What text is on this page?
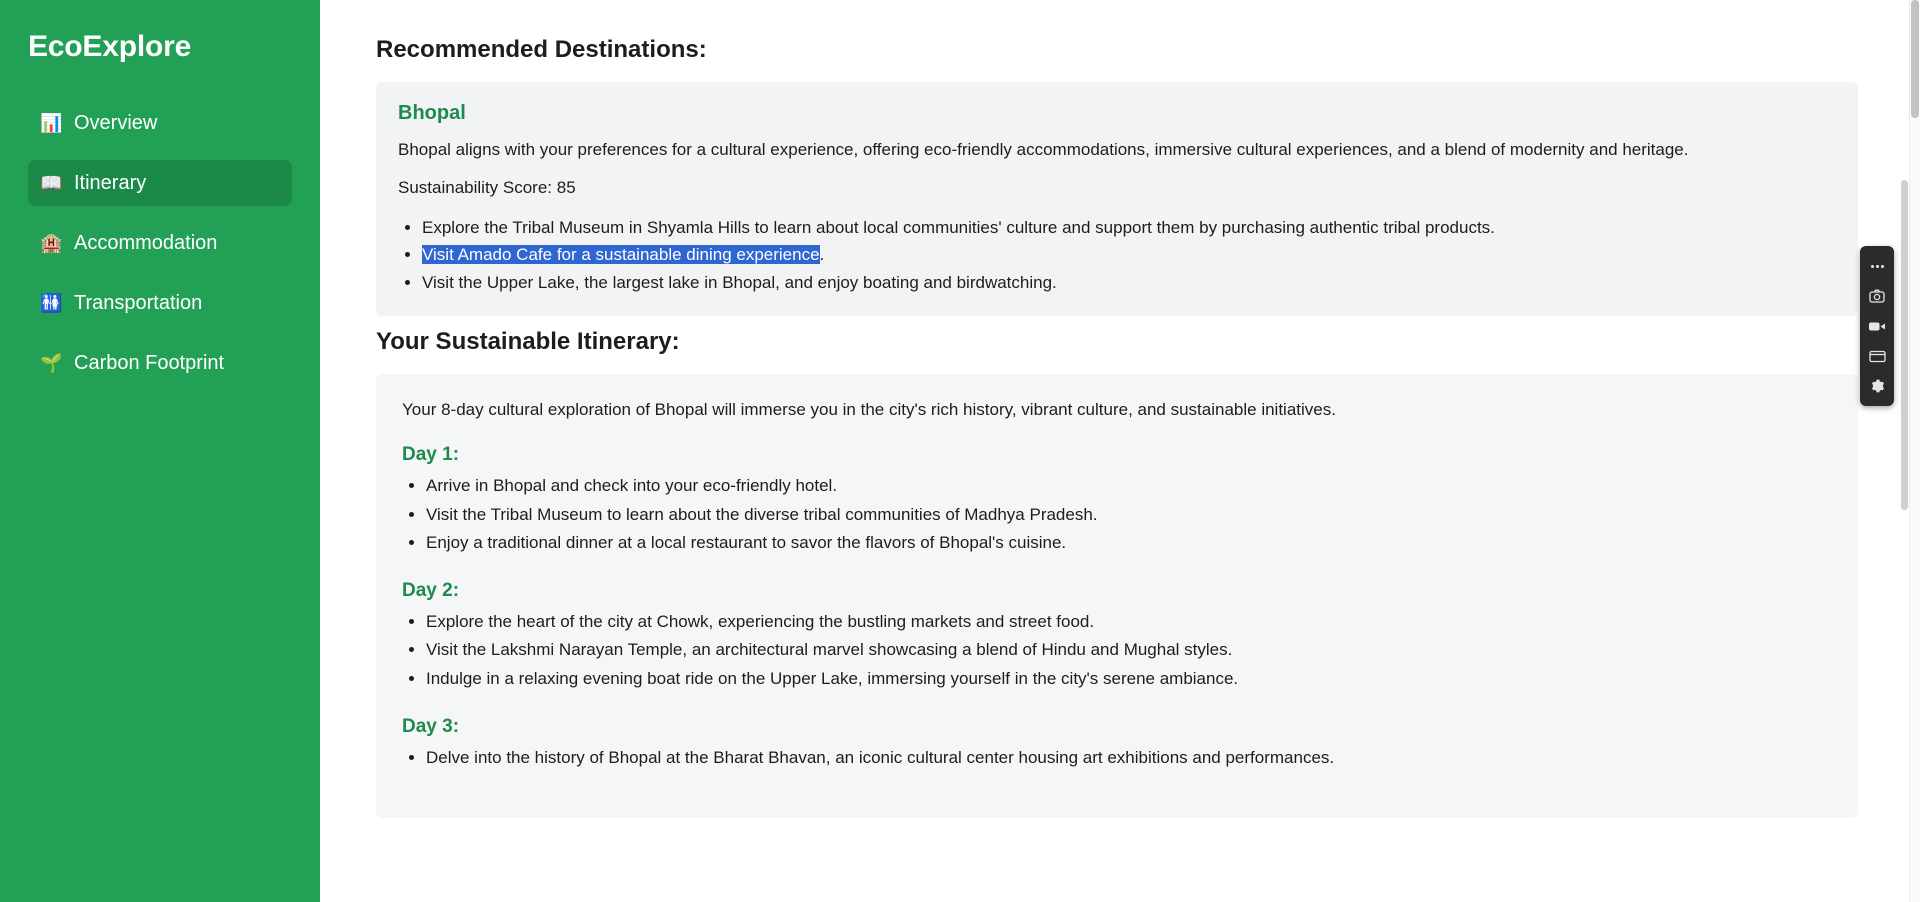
EcoExplore
📊 Overview
📖 Itinerary
🏨 Accommodation
🚻 Transportation
🌱 Carbon Footprint
Recommended Destinations:
Bhopal

Bhopal aligns with your preferences for a cultural experience, offering eco-friendly accommodations, immersive cultural experiences, and a blend of modernity and heritage.

Sustainability Score: 85

• Explore the Tribal Museum in Shyamla Hills to learn about local communities' culture and support them by purchasing authentic tribal products.
• Visit Amado Cafe for a sustainable dining experience.
• Visit the Upper Lake, the largest lake in Bhopal, and enjoy boating and birdwatching.
Your Sustainable Itinerary:

Your 8-day cultural exploration of Bhopal will immerse you in the city's rich history, vibrant culture, and sustainable initiatives.

Day 1:
• Arrive in Bhopal and check into your eco-friendly hotel.
• Visit the Tribal Museum to learn about the diverse tribal communities of Madhya Pradesh.
• Enjoy a traditional dinner at a local restaurant to savor the flavors of Bhopal's cuisine.
Day 2:
• Explore the heart of the city at Chowk, experiencing the bustling markets and street food.
• Visit the Lakshmi Narayan Temple, an architectural marvel showcasing a blend of Hindu and Mughal styles.
• Indulge in a relaxing evening boat ride on the Upper Lake, immersing yourself in the city's serene ambiance.
Day 3:
• Delve into the history of Bhopal at the Bharat Bhavan, an iconic cultural center housing art exhibitions and performances.
